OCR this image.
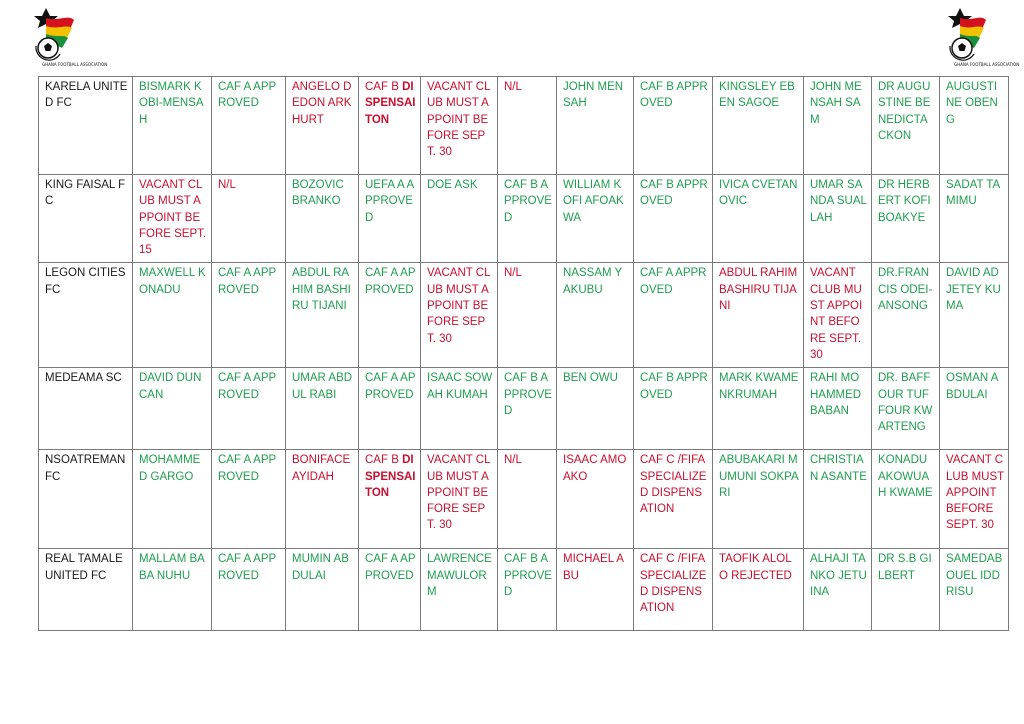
GHANA FOOTBALL ASSOCIATION	GHANA FOOTBALL ASSOCIATION
KARELA UNITED FC	BISMARK KOBI-MENSAH	CAF A APPROVED	ANGELO DEDON ARKHURT	CAF B DISPENSAITON	VACANT CLUB MUST APPOINT BEFORE SEPT. 30	N/L	JOHN MENSAH	CAF B APPROVED	KINGSLEY EBEN SAGOE	JOHN MENSAH SAM	DR AUGUSTINE BENEDICTACKON	AUGUSTINE OBENG
KING FAISAL FC	VACANT CLUB MUST APPOINT BEFORE SEPT. 15	N/L	BOZOVIC BRANKO	UEFA A APPROVED	DOE ASK	CAF B APPROVED	WILLIAM KOFI AFOAKWA	CAF B APPROVED	IVICA CVETANOVIC	UMAR SANDA SUALLAH	DR HERBERT KOFI BOAKYE	SADAT TAMIMU
LEGON CITIES FC	MAXWELL KONADU	CAF A APPROVED	ABDUL RAHIM BASHIRU TIJANI	CAF A APPROVED	VACANT CLUB MUST APPOINT BEFORE SEPT. 30	N/L	NASSAM YAKUBU	CAF A APPROVED	ABDUL RAHIM BASHIRU TIJANI	VACANT CLUB MUST APPOINT BEFORE SEPT. 30	DR.FRANCIS ODEI-ANSONG	DAVID ADJETEY KUMA
MEDEAMA SC	DAVID DUNCAN	CAF A APPROVED	UMAR ABDUL RABI	CAF A APPROVED	ISAAC SOWAH KUMAH	CAF B APPROVED	BEN OWU	CAF B APPROVED	MARK KWAME NKRUMAH	RAHI MOHAMMED BABAN	DR. BAFFOUR TUFFOUR KWARTENG	OSMAN ABDULAI
NSOATREMAN FC	MOHAMMED GARGO	CAF A APPROVED	BONIFACE AYIDAH	CAF B DISPENSAITON	VACANT CLUB MUST APPOINT BEFORE SEPT. 30	N/L	ISAAC AMOAKO	CAF C /FIFA SPECIALIZED DISPENSATION	ABUBAKARI MUMUNI SOKPARI	CHRISTIAN ASANTE	KONADU AKOWUAH KWAME	VACANT CLUB MUST APPOINT BEFORE SEPT. 30
REAL TAMALE UNITED FC	MALLAM BABA NUHU	CAF A APPROVED	MUMIN ABDULAI	CAF A APPROVED	LAWRENCE MAWULORM	CAF B APPROVED	MICHAEL ABU	CAF C /FIFA SPECIALIZED DISPENSATION	TAOFIK ALOLO REJECTED	ALHAJI TANKO JETUINA	DR S.B GILBERT	SAMEDABOUEL IDDRISU
